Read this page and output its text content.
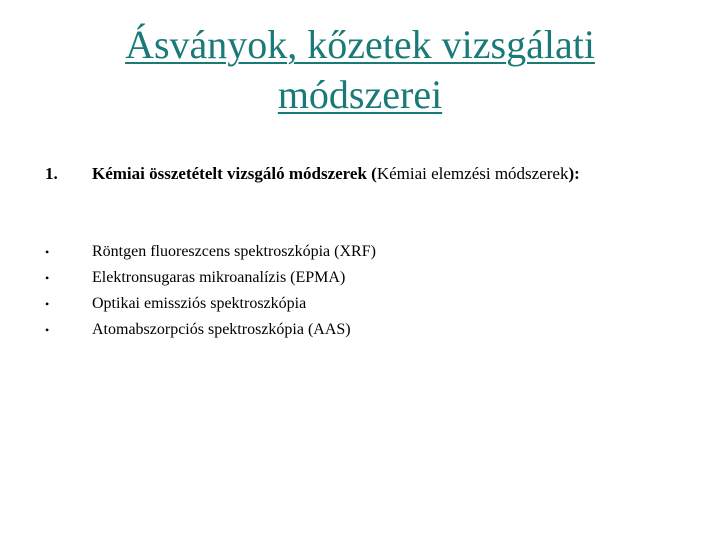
Ásványok, kőzetek vizsgálati
módszerei
1. Kémiai összetételt vizsgáló módszerek (Kémiai elemzési módszerek):
•	Röntgen fluoreszcens spektroszkópia (XRF)
•	Elektronsugaras mikroanalízis (EPMA)
•	Optikai emissziós spektroszkópia
•	Atomabszorpciós spektroszkópia (AAS)
